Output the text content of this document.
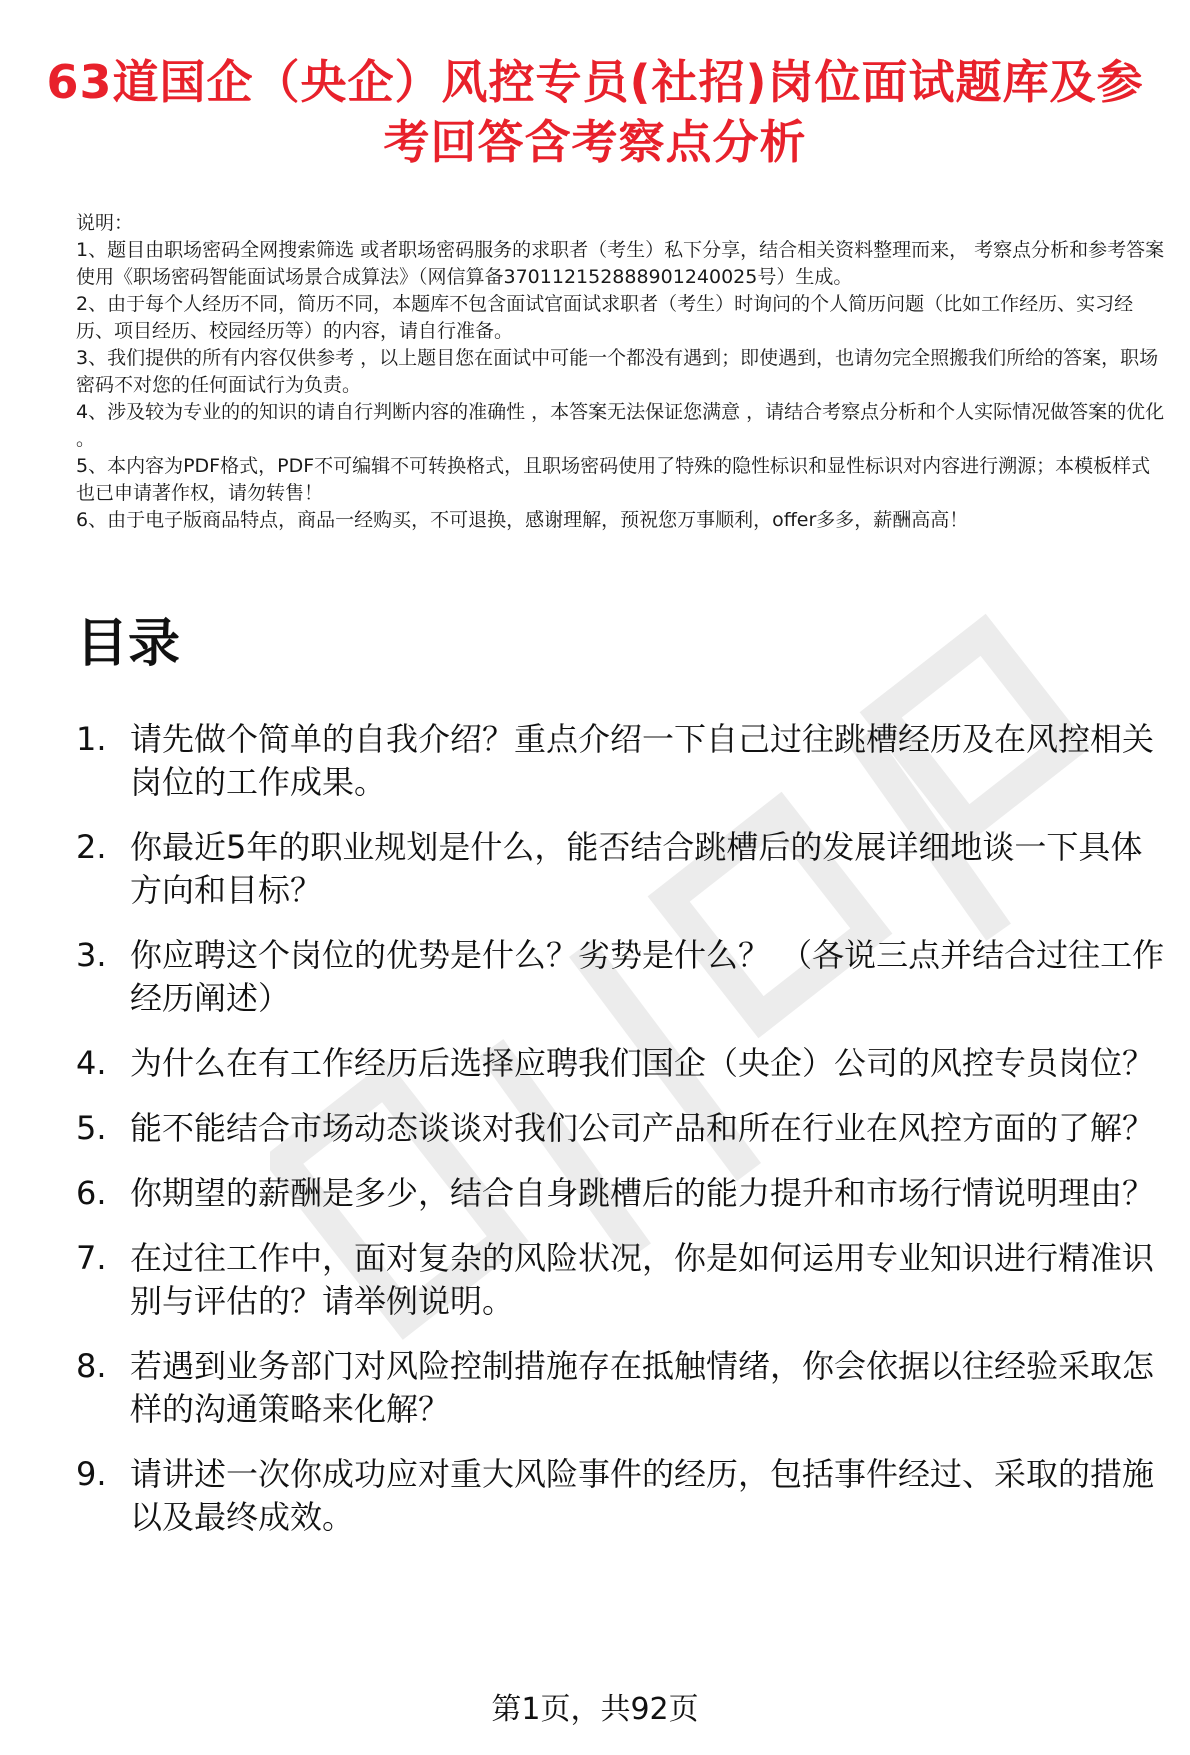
63道国企（央企）风控专员(社招)岗位面试题库及参考回答含考察点分析

说明：

1、题目由职场密码全网搜索筛选 或者职场密码服务的求职者（考生）私下分享，结合相关资料整理而来， 考察点分析和参考答案使用《职场密码智能面试场景合成算法》（网信算备370112152888901240025号）生成。

2、由于每个人经历不同，简历不同，本题库不包含面试官面试求职者（考生）时询问的个人简历问题（比如工作经历、实习经历、项目经历、校园经历等）的内容，请自行准备。

3、我们提供的所有内容仅供参考 ，以上题目您在面试中可能一个都没有遇到；即使遇到，也请勿完全照搬我们所给的答案，职场密码不对您的任何面试行为负责。

4、涉及较为专业的的知识的请自行判断内容的准确性 ，本答案无法保证您满意 ，请结合考察点分析和个人实际情况做答案的优化 。

5、本内容为PDF格式，PDF不可编辑不可转换格式，且职场密码使用了特殊的隐性标识和显性标识对内容进行溯源；本模板样式也已申请著作权，请勿转售！

6、由于电子版商品特点，商品一经购买，不可退换，感谢理解，预祝您万事顺利，offer多多，薪酬高高！

目录
1. 请先做个简单的自我介绍？重点介绍一下自己过往跳槽经历及在风控相关岗位的工作成果。
2. 你最近5年的职业规划是什么，能否结合跳槽后的发展详细地谈一下具体方向和目标？
3. 你应聘这个岗位的优势是什么？劣势是什么？ （各说三点并结合过往工作经历阐述）
4. 为什么在有工作经历后选择应聘我们国企（央企）公司的风控专员岗位？
5. 能不能结合市场动态谈谈对我们公司产品和所在行业在风控方面的了解？
6. 你期望的薪酬是多少，结合自身跳槽后的能力提升和市场行情说明理由？
7. 在过往工作中，面对复杂的风险状况，你是如何运用专业知识进行精准识别与评估的？请举例说明。
8. 若遇到业务部门对风险控制措施存在抵触情绪，你会依据以往经验采取怎样的沟通策略来化解？
9. 请讲述一次你成功应对重大风险事件的经历，包括事件经过、采取的措施以及最终成效。
第1页，共92页
